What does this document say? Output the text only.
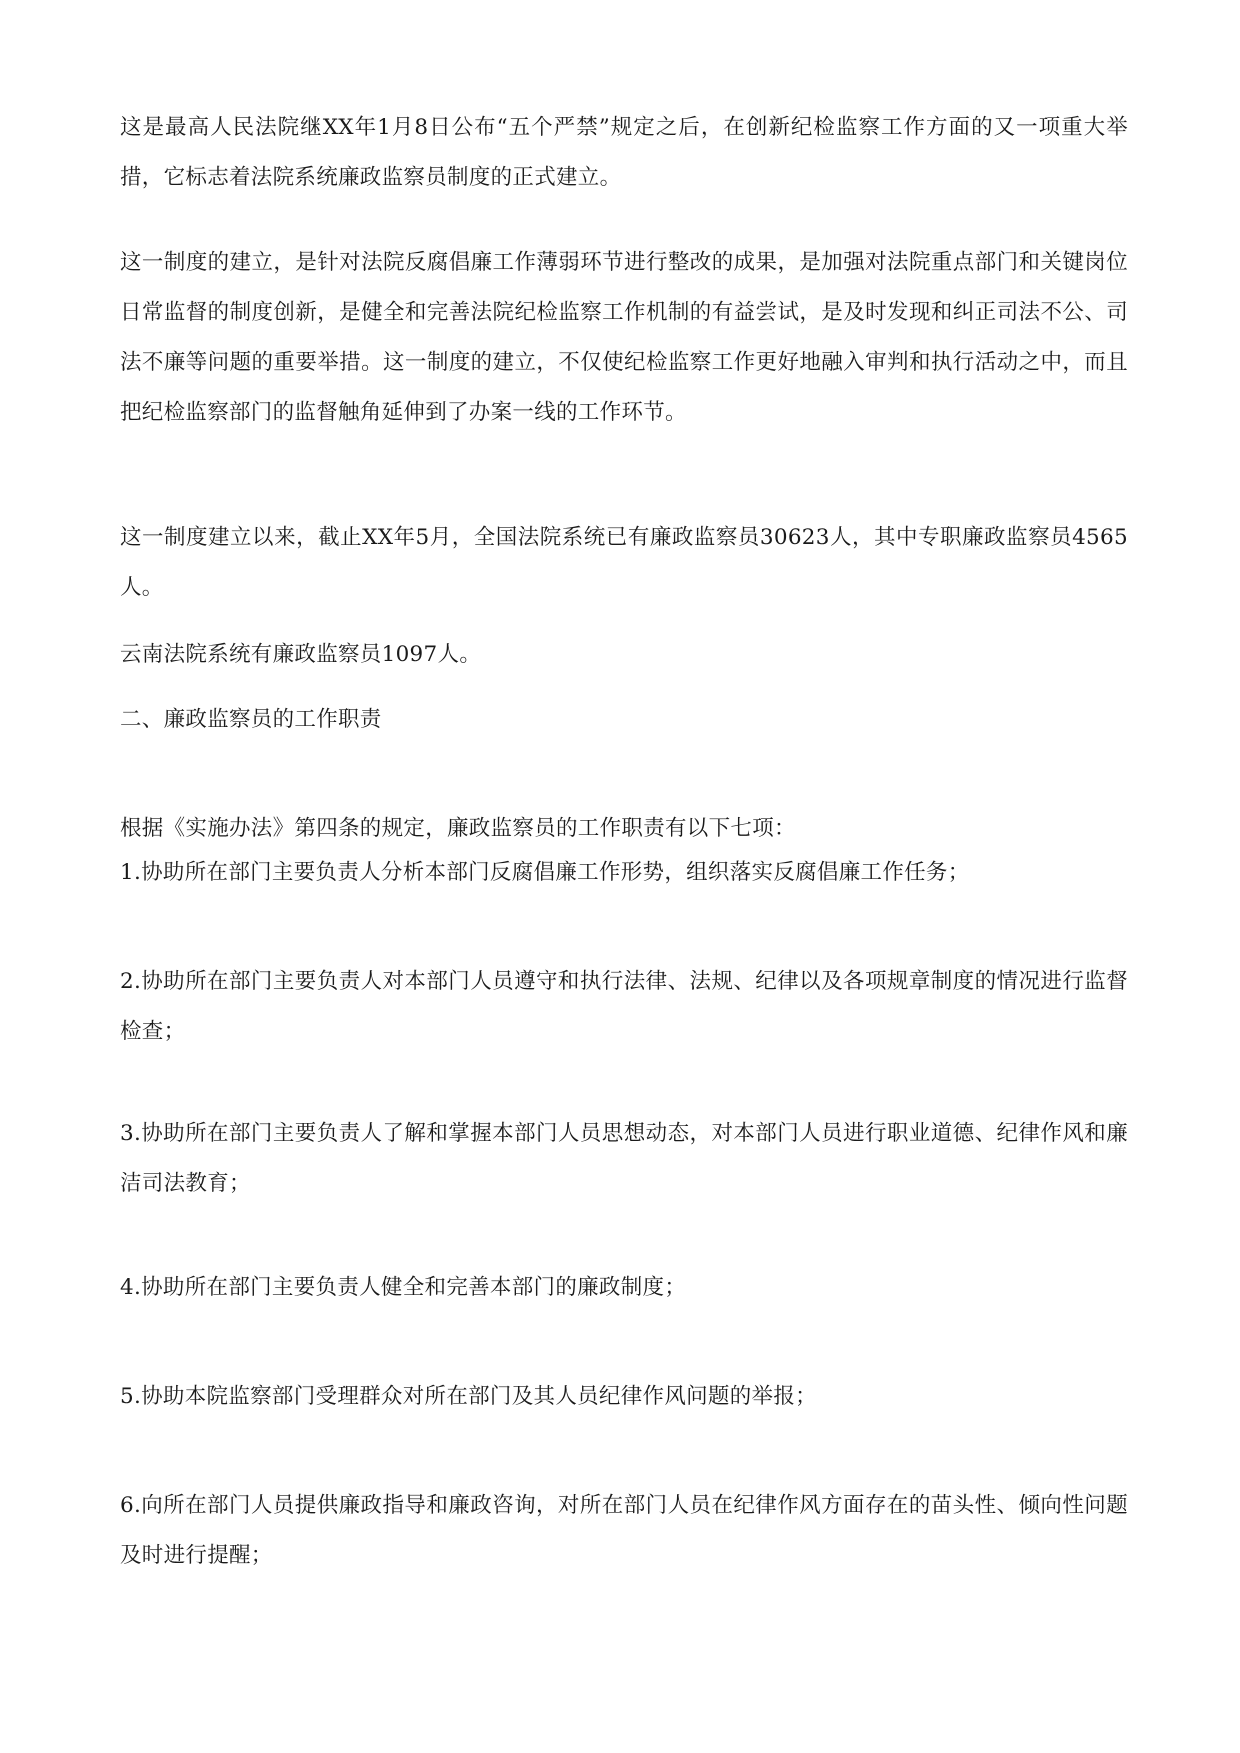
这是最高人民法院继XX年1月8日公布“五个严禁”规定之后，在创新纪检监察工作方面的又一项重大举措，它标志着法院系统廉政监察员制度的正式建立。

这一制度的建立，是针对法院反腐倡廉工作薄弱环节进行整改的成果，是加强对法院重点部门和关键岗位日常监督的制度创新，是健全和完善法院纪检监察工作机制的有益尝试，是及时发现和纠正司法不公、司法不廉等问题的重要举措。这一制度的建立，不仅使纪检监察工作更好地融入审判和执行活动之中，而且把纪检监察部门的监督触角延伸到了办案一线的工作环节。

这一制度建立以来，截止XX年5月，全国法院系统已有廉政监察员30623人，其中专职廉政监察员4565人。

云南法院系统有廉政监察员1097人。

二、廉政监察员的工作职责

根据《实施办法》第四条的规定，廉政监察员的工作职责有以下七项：

1.协助所在部门主要负责人分析本部门反腐倡廉工作形势，组织落实反腐倡廉工作任务；

2.协助所在部门主要负责人对本部门人员遵守和执行法律、法规、纪律以及各项规章制度的情况进行监督检查；

3.协助所在部门主要负责人了解和掌握本部门人员思想动态，对本部门人员进行职业道德、纪律作风和廉洁司法教育；

4.协助所在部门主要负责人健全和完善本部门的廉政制度；

5.协助本院监察部门受理群众对所在部门及其人员纪律作风问题的举报；

6.向所在部门人员提供廉政指导和廉政咨询，对所在部门人员在纪律作风方面存在的苗头性、倾向性问题及时进行提醒；
